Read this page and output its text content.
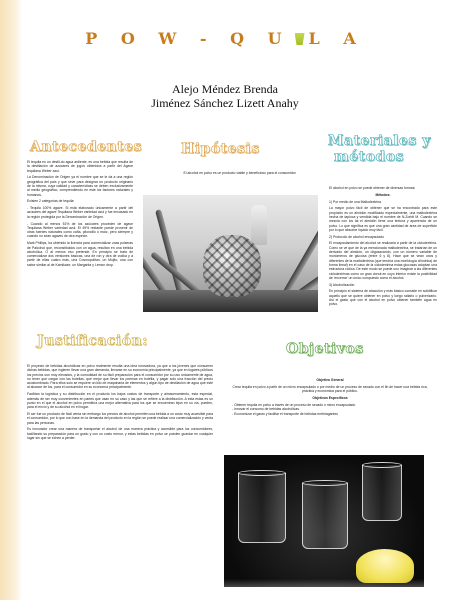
P O W - Q U L A
Alejo Méndez Brenda
Jiménez Sánchez Lizett Anahy
Antecedentes

El tequila es un destil-do agua ardiente, es una bebida que resulta de la destilación de azucares de jugos obtenidos a partir del Agave tequilana Weber azul.

La Denominación de Origen ya el nombre que se le da a una región geográfica del país y que sirve para designar un producto originario de la misma, cuya calidad y características se deben exclusivamente al medio geográfico, comprendiendo en este los factores naturales y humanos.

Existen 2 categorías de tequila:

- Tequila 100% agave. Si está elaborado únicamente a partir del azúcares del agave Tequilana Weber variedad azul y fue envasado en la región protegida por la Denominación de Origen.

- Cuando al menos 51% de los azúcares proceden de agave Tequilana Weber variedad azul. El 49% restante puede provenir de otras fuentes naturales como caña, piloncillo o maíz, pero siempre y cuando no sean agaves de otra especie.

Mark Phillips, ha obtenido la licencia para comercializar unas pulseras de Palcohol que, reconstituidos con un agua, resultan en una bebida alcohólica. O al menos eso pretende. En principio se trata de comercializar dos versiones básicas, una de ron y otra de vodka y a partir de ellas cuatro más, una Cosmopolitan, un Mojito, una con sabor similar al de Kamikaze, un Margarita y Lemon drop.

Hipótesis
El alcohol en polvo es un producto viable y beneficioso para el consumidor.
Materiales y
métodos

El alcohol en polvo se puede obtener de diversas formas:

Métodos:

1) Por medio de una Maltodextrina

La mayor polvo fácil de obtener que se ha encontrado para este propósito es un almidón modificado especialmente, una maltodextrina hecha de tapioca y vendida bajo el nombre de N-Zorbit M. Cuando se mezcla con los tal el almidón tiene una textura y apariencia de un polvo. Lo que significa es que una gran cantidad de área de superficie por lo que absorbe líquido muy fácil.

2) Protocolo de alcohol encapsulado

El encapsulamiento del alcohol se realizaría a partir de la ciclodextrina. Como se ve que de la ya mencionada maltodextrina, se tratarían de un derivado del almidón, un oligosacárido, con un número variable de monómeros de glucosa (entre 6 y 8). Hace que se vean unos y diferentes de la maltodextrina (que tendría una morfología cilíndrica) de forma lineal) en el caso de la ciclodextrina estas glucosas adoptan una estructura cíclica. De este modo se puede uno imaginar a las diferentes ciclodextrinas como un gran donut en cuyo interior existe la posibilidad de 'encerrar' un único compuesto como el alcohol.

3) Alcoholización

En principio el sistema de atracción y más básico consiste en solidificar aquello que se quiere obtener en polvo y luego rallarlo o pulverizarlo. Así el gasto que con el alcohol en polvo obtener también agua en polvo.

Justificación:

El proyecto de bebidas alcohólicas en polvo realmente resulta una idea innovadora, ya que a los jóvenes que consumen dichas bebidas, que ingieren llevar una gran demanda, llevarse en su economía principalmente, ya que en lugares públicos los precios son muy elevados, y la comodidad de su fácil preparación para el consumidor por su uso únicamente de agua, no tener que cargar con las botellas, que mejor que llevar los poemas en botella, y pagar solo una fracción del precio acostumbrado. Para ellos solo se requiere un kilo de maquinaria de elementos y algún tipo de destilación de agua que esté al alcance de los, para el consumidor en su economía principalmente.

Facilitan la logística y su distribución en el producto los bajos costos de transporte y almacenamiento, esta especial, además de ser muy convenientes en partes que usan en su caso y las que se refiere a la distribución. A esta estas es un punto en el que el alcohol en polvo permitiría una mejor alternativa para los que se encuentran lejos en su vía, pueden, para el envío y de su alcohol en el hogar.

El ser fue un producto de fácil venta sin embargo los precios de alcohol permiten una bebida a un costo muy accesible para el consumidor, por lo que con base en la demanda del producto en la región se puede realizar una comercialización y venta para las personas.

Es innovador crear una manera de transportar el alcohol de una manera práctica y accesible para los consumidores, facilitando su preparación para un gusto y con un costo menor, y estas bebidas en polvo se pueden guardar en cualquier lugar sin que se echen a perder.

Objetivos

Objetivo General

Crear tequila en polvo a partir de un micro encapsulado o por medio de un proceso de secado con el fin de hacer una bebida rica, práctica y económica para el público.

Objetivos Específicos

- Obtener tequila en polvo a través de un proceso de secado o micro encapsulado

- Innovar el consumo de bebidas alcohólicas.

- Economizar el gasto y facilitar el transporte de bebidas embriagantes
